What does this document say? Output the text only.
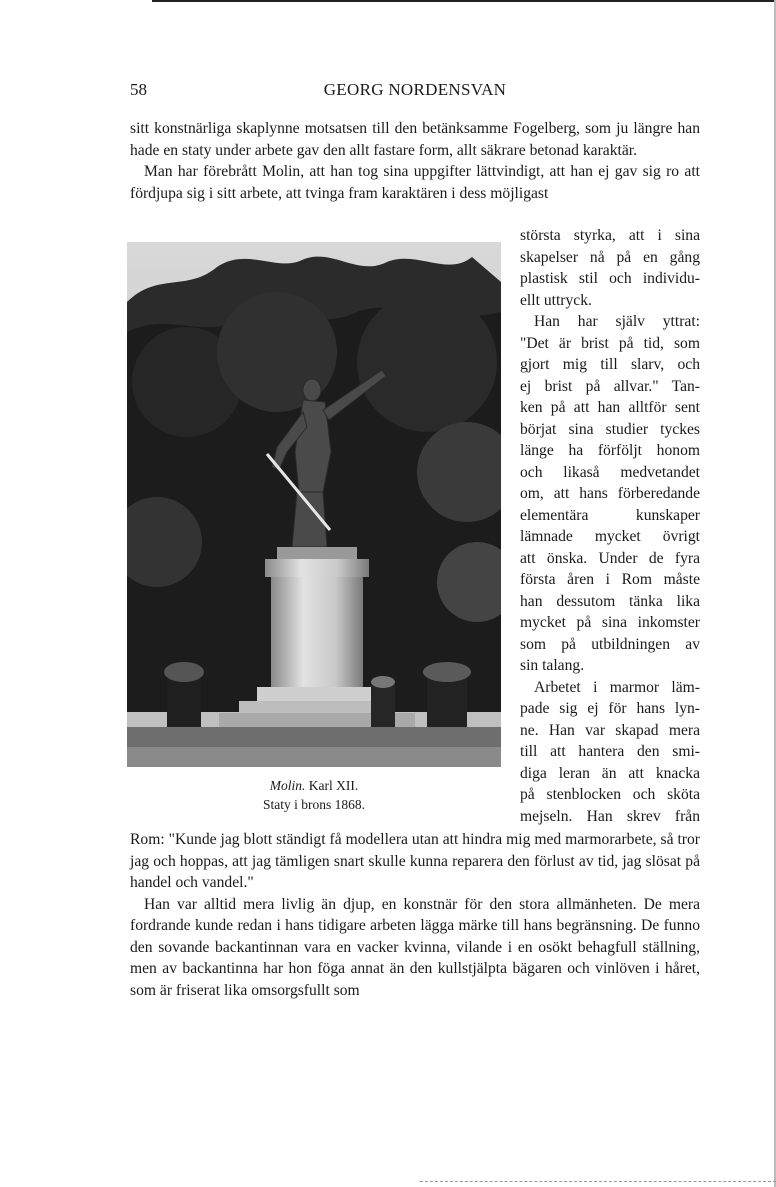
58	GEORG NORDENSVAN

sitt konstnärliga skaplynne motsatsen till den betänksamme Fogelberg, som ju längre han hade en staty under arbete gav den allt fastare form, allt säkrare betonad karaktär.

Man har förebrått Molin, att han tog sina uppgifter lättvindigt, att han ej gav sig ro att fördjupa sig i sitt arbete, att tvinga fram karaktären i dess möjligast

Molin. Karl XII.
Staty i brons 1868.
största styrka, att i sina
skapelser nå på en gång
plastisk stil och individu-
ellt uttryck.
Han har själv yttrat:
"Det är brist på tid, som
gjort mig till slarv, och
ej brist på allvar." Tan-
ken på att han alltför sent
börjat sina studier tyckes
länge ha förföljt honom
och likaså medvetandet
om, att hans förberedande
elementära kunskaper
lämnade mycket övrigt
att önska. Under de fyra
första åren i Rom måste
han dessutom tänka lika
mycket på sina inkomster
som på utbildningen av
sin talang.
Arbetet i marmor läm-
pade sig ej för hans lyn-
ne. Han var skapad mera
till att hantera den smi-
diga leran än att knacka
på stenblocken och sköta
mejseln. Han skrev från

Rom: "Kunde jag blott ständigt få modellera utan att hindra mig med marmorarbete, så tror jag och hoppas, att jag tämligen snart skulle kunna reparera den förlust av tid, jag slösat på handel och vandel."

Han var alltid mera livlig än djup, en konstnär för den stora allmänheten. De mera fordrande kunde redan i hans tidigare arbeten lägga märke till hans begränsning. De funno den sovande backantinnan vara en vacker kvinna, vilande i en osökt behagfull ställning, men av backantinna har hon föga annat än den kullstjälpta bägaren och vinlöven i håret, som är friserat lika omsorgsfullt som
